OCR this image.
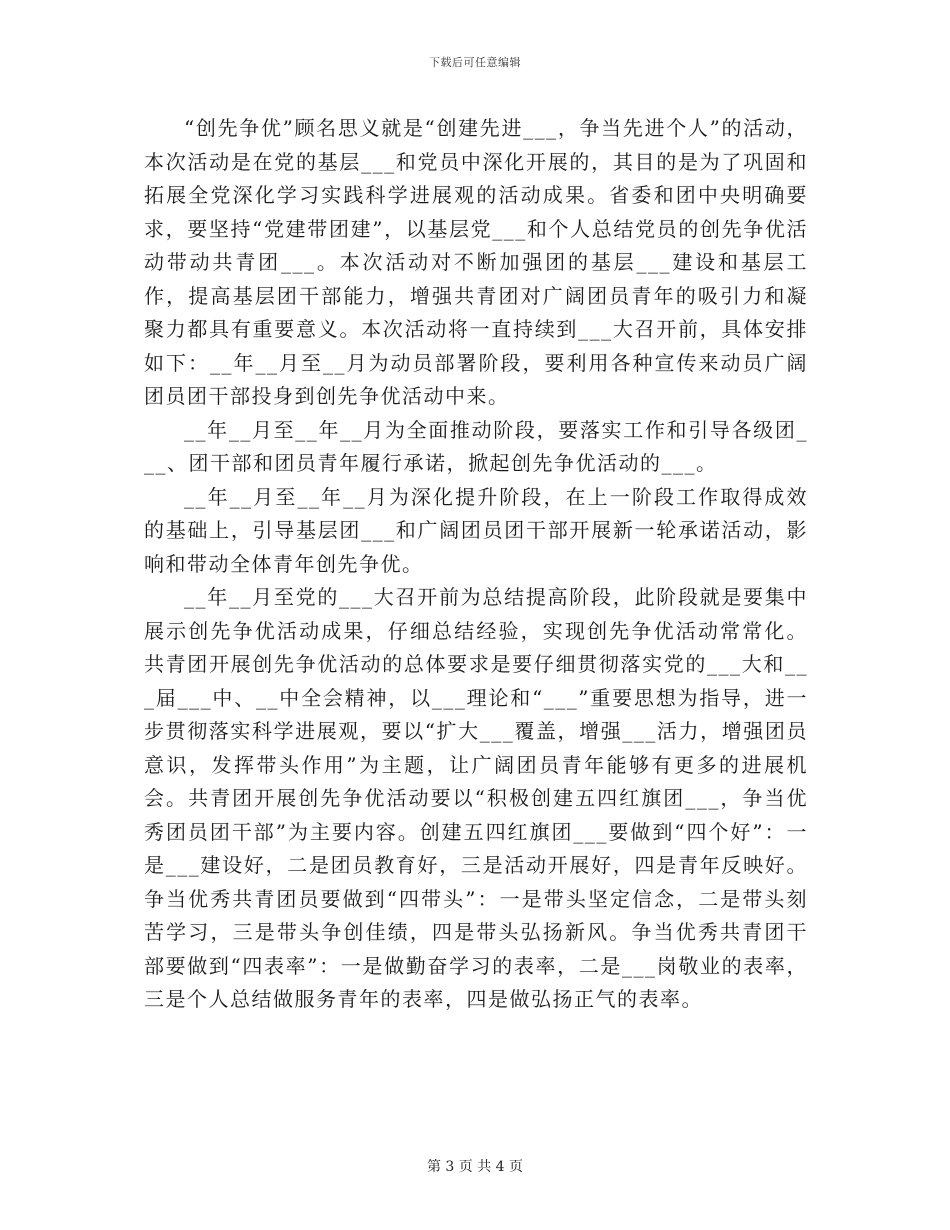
下载后可任意编辑

“创先争优”顾名思义就是“创建先进___，争当先进个人”的活动，本次活动是在党的基层___和党员中深化开展的，其目的是为了巩固和拓展全党深化学习实践科学进展观的活动成果。省委和团中央明确要求，要坚持“党建带团建”，以基层党___和个人总结党员的创先争优活动带动共青团___。本次活动对不断加强团的基层___建设和基层工作，提高基层团干部能力，增强共青团对广阔团员青年的吸引力和凝聚力都具有重要意义。本次活动将一直持续到___大召开前，具体安排如下：__年__月至__月为动员部署阶段，要利用各种宣传来动员广阔团员团干部投身到创先争优活动中来。

__年__月至__年__月为全面推动阶段，要落实工作和引导各级团___、团干部和团员青年履行承诺，掀起创先争优活动的___。

__年__月至__年__月为深化提升阶段，在上一阶段工作取得成效的基础上，引导基层团___和广阔团员团干部开展新一轮承诺活动，影响和带动全体青年创先争优。

__年__月至党的___大召开前为总结提高阶段，此阶段就是要集中展示创先争优活动成果，仔细总结经验，实现创先争优活动常常化。共青团开展创先争优活动的总体要求是要仔细贯彻落实党的___大和___届___中、__中全会精神，以___理论和“___”重要思想为指导，进一步贯彻落实科学进展观，要以“扩大___覆盖，增强___活力，增强团员意识，发挥带头作用”为主题，让广阔团员青年能够有更多的进展机会。共青团开展创先争优活动要以“积极创建五四红旗团___，争当优秀团员团干部”为主要内容。创建五四红旗团___要做到“四个好”：一是___建设好，二是团员教育好，三是活动开展好，四是青年反映好。争当优秀共青团员要做到“四带头”：一是带头坚定信念，二是带头刻苦学习，三是带头争创佳绩，四是带头弘扬新风。争当优秀共青团干部要做到“四表率”：一是做勤奋学习的表率，二是___岗敬业的表率，三是个人总结做服务青年的表率，四是做弘扬正气的表率。

第 3 页 共 4 页
